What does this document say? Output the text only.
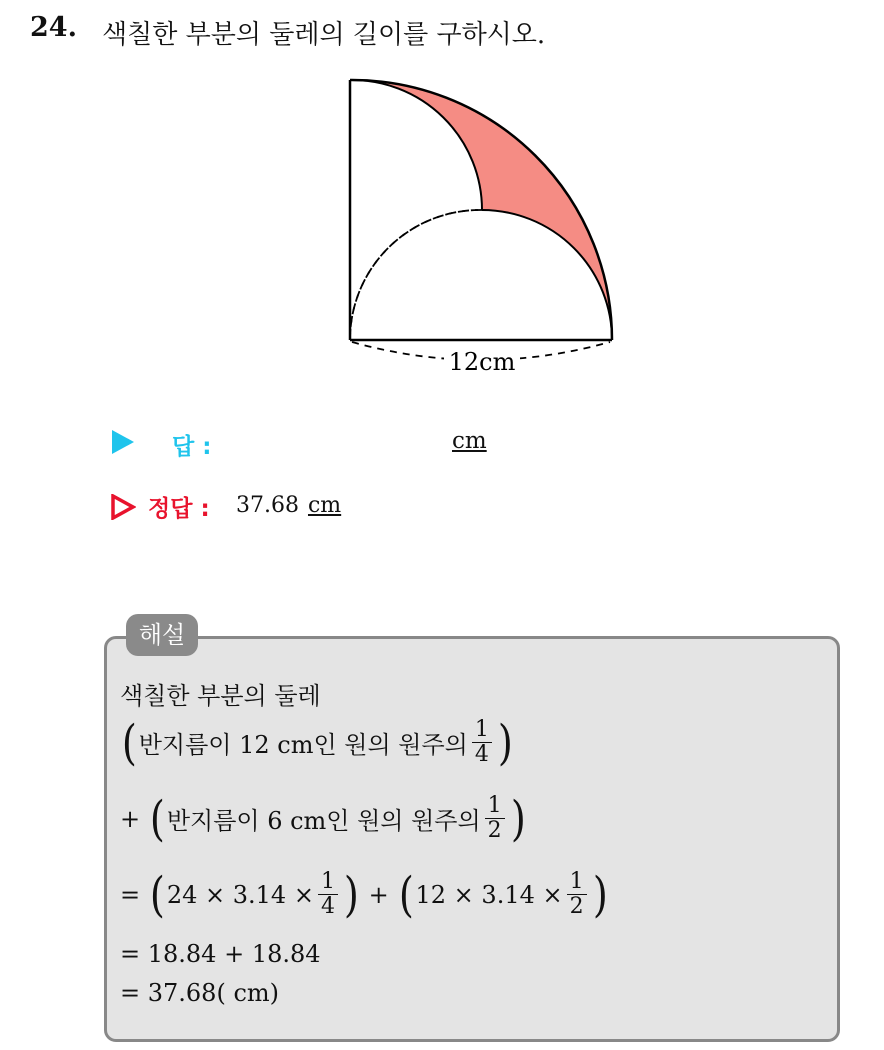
24. 색칠한 부분의 둘레의 길이를 구하시오.
12cm
답 :	cm
정답 : 37.68 cm
해설
색칠한 부분의 둘레
( 반지름이 12 cm인 원의 원주의 $\frac{1}{4}$ )
+ ( 반지름이 6 cm인 원의 원주의 $\frac{1}{2}$ )
= ( $24 \times 3.14 \times \frac{1}{4}$ ) + ( $12 \times 3.14 \times \frac{1}{2}$ )
= 18.84 + 18.84
= 37.68( cm)
